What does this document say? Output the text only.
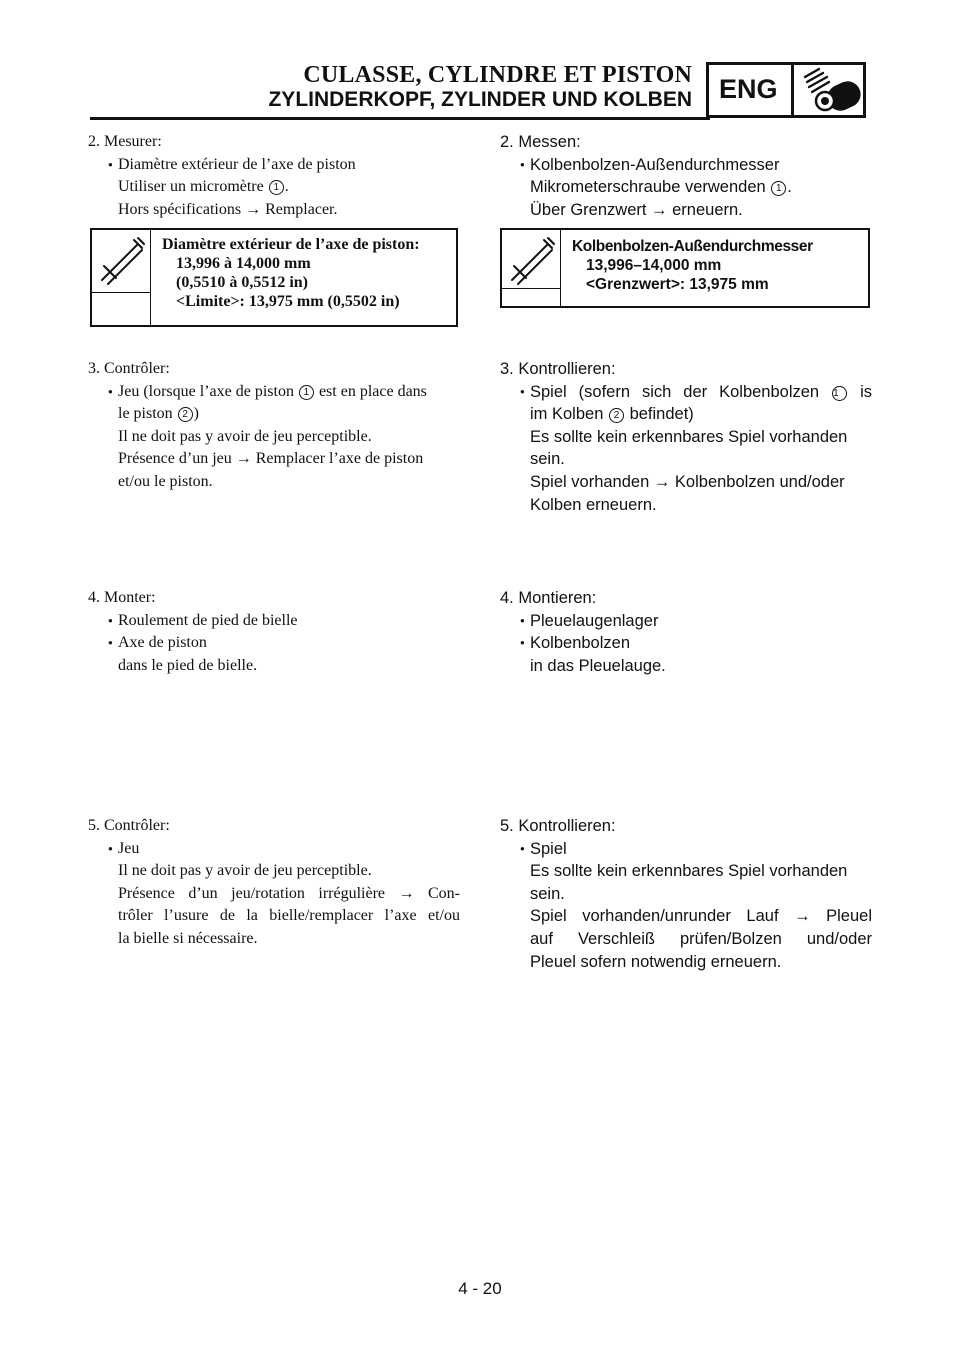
CULASSE, CYLINDRE ET PISTON
ZYLINDERKOPF, ZYLINDER UND KOLBEN ENG
2. Mesurer:
● Diamètre extérieur de l’axe de piston
Utiliser un micromètre 1 .
Hors spécifications → Remplacer.
Diamètre extérieur de l’axe de piston:
13,996 à 14,000 mm
(0,5510 à 0,5512 in)
<Limite>: 13,975 mm (0,5502 in)
3. Contrôler:
● Jeu (lorsque l’axe de piston 1 est en place dans
le piston 2 )
Il ne doit pas y avoir de jeu perceptible.
Présence d’un jeu → Remplacer l’axe de piston
et/ou le piston.
4. Monter:
● Roulement de pied de bielle
● Axe de piston
dans le pied de bielle.
5. Contrôler:
● Jeu
Il ne doit pas y avoir de jeu perceptible.
Présence d’un jeu/rotation irrégulière → Con-
trôler l’usure de la bielle/remplacer l’axe et/ou
la bielle si nécessaire.
2. Messen:
● Kolbenbolzen-Außendurchmesser
Mikrometerschraube verwenden 1 .
Über Grenzwert → erneuern.
Kolbenbolzen-Außendurchmesser
13,996–14,000 mm
<Grenzwert>: 13,975 mm
3. Kontrollieren:
● Spiel (sofern sich der Kolbenbolzen 1 is
im Kolben 2 befindet)
Es sollte kein erkennbares Spiel vorhanden
sein.
Spiel vorhanden → Kolbenbolzen und/oder
Kolben erneuern.
4. Montieren:
● Pleuelaugenlager
● Kolbenbolzen
in das Pleuelauge.
5. Kontrollieren:
● Spiel
Es sollte kein erkennbares Spiel vorhanden
sein.
Spiel vorhanden/unrunder Lauf → Pleuel
auf Verschleiß prüfen/Bolzen und/oder
Pleuel sofern notwendig erneuern.
4 - 20
